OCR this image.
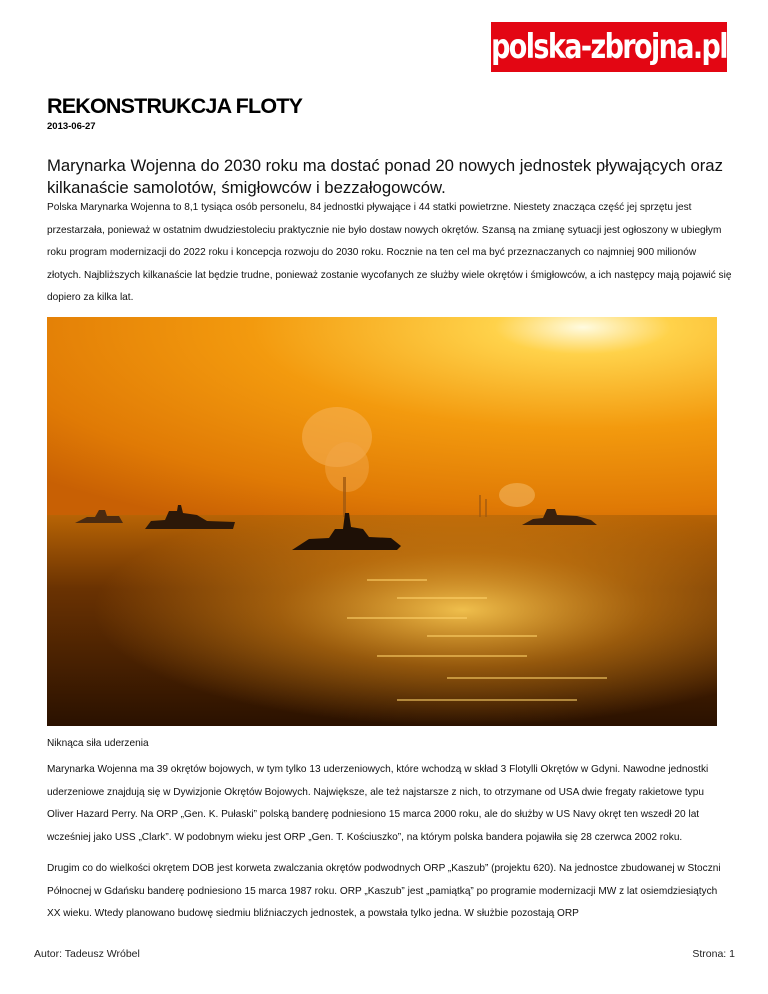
polska-zbrojna.pl
REKONSTRUKCJA FLOTY
2013-06-27
Marynarka Wojenna do 2030 roku ma dostać ponad 20 nowych jednostek pływających oraz kilkanaście samolotów, śmigłowców i bezzałogowców.

Polska Marynarka Wojenna to 8,1 tysiąca osób personelu, 84 jednostki pływające i 44 statki powietrzne. Niestety znacząca część jej sprzętu jest przestarzała, ponieważ w ostatnim dwudziestoleciu praktycznie nie było dostaw nowych okrętów. Szansą na zmianę sytuacji jest ogłoszony w ubiegłym roku program modernizacji do 2022 roku i koncepcja rozwoju do 2030 roku. Rocznie na ten cel ma być przeznaczanych co najmniej 900 milionów złotych. Najbliższych kilkanaście lat będzie trudne, ponieważ zostanie wycofanych ze służby wiele okrętów i śmigłowców, a ich następcy mają pojawić się dopiero za kilka lat.

Niknąca siła uderzenia

Marynarka Wojenna ma 39 okrętów bojowych, w tym tylko 13 uderzeniowych, które wchodzą w skład 3 Flotylli Okrętów w Gdyni. Nawodne jednostki uderzeniowe znajdują się w Dywizjonie Okrętów Bojowych. Największe, ale też najstarsze z nich, to otrzymane od USA dwie fregaty rakietowe typu Oliver Hazard Perry. Na ORP „Gen. K. Pułaski” polską banderę podniesiono 15 marca 2000 roku, ale do służby w US Navy okręt ten wszedł 20 lat wcześniej jako USS „Clark”. W podobnym wieku jest ORP „Gen. T. Kościuszko”, na którym polska bandera pojawiła się 28 czerwca 2002 roku.

Drugim co do wielkości okrętem DOB jest korweta zwalczania okrętów podwodnych ORP „Kaszub” (projektu 620). Na jednostce zbudowanej w Stoczni Północnej w Gdańsku banderę podniesiono 15 marca 1987 roku. ORP „Kaszub” jest „pamiątką” po programie modernizacji MW z lat osiemdziesiątych XX wieku. Wtedy planowano budowę siedmiu bliźniaczych jednostek, a powstała tylko jedna. W służbie pozostają ORP

Autor: Tadeusz Wróbel	Strona: 1
